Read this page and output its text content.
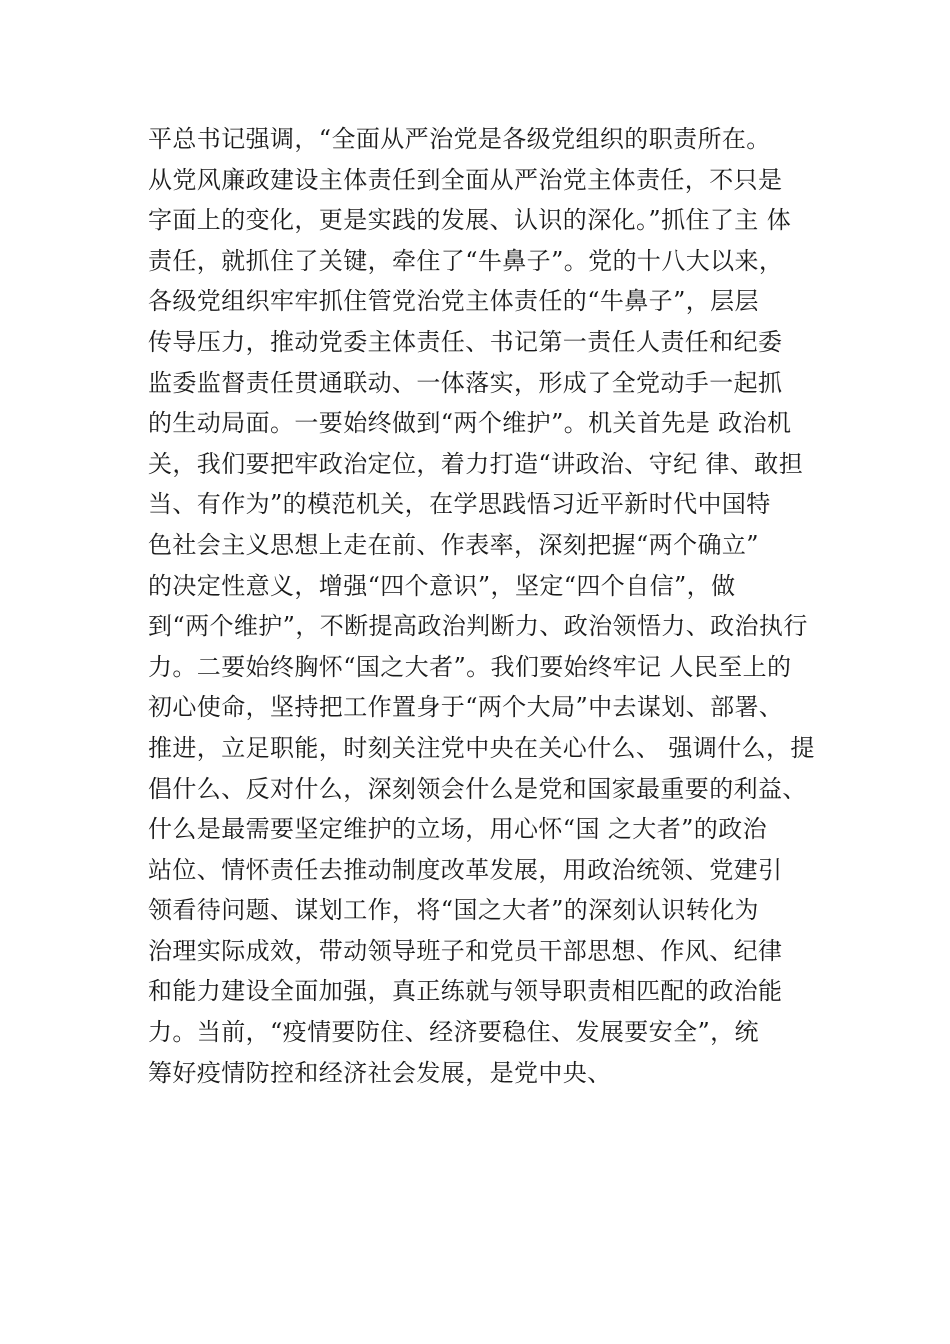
平总书记强调，“全面从严治党是各级党组织的职责所在。
从党风廉政建设主体责任到全面从严治党主体责任，不只是
字面上的变化，更是实践的发展、认识的深化。”抓住了主 体
责任，就抓住了关键，牵住了“牛鼻子”。党的十八大以来，
各级党组织牢牢抓住管党治党主体责任的“牛鼻子”，层层
传导压力，推动党委主体责任、书记第一责任人责任和纪委
监委监督责任贯通联动、一体落实，形成了全党动手一起抓
的生动局面。一要始终做到“两个维护”。机关首先是 政治机
关，我们要把牢政治定位，着力打造“讲政治、守纪 律、敢担
当、有作为”的模范机关，在学思践悟习近平新时代中国特
色社会主义思想上走在前、作表率，深刻把握“两个确立”
的决定性意义，增强“四个意识”，坚定“四个自信”，做
到“两个维护”，不断提高政治判断力、政治领悟力、政治执行
力。二要始终胸怀“国之大者”。我们要始终牢记 人民至上的
初心使命，坚持把工作置身于“两个大局”中去谋划、部署、
推进，立足职能，时刻关注党中央在关心什么、 强调什么，提
倡什么、反对什么，深刻领会什么是党和国家最重要的利益、
什么是最需要坚定维护的立场，用心怀“国 之大者”的政治
站位、情怀责任去推动制度改革发展，用政治统领、党建引
领看待问题、谋划工作，将“国之大者”的深刻认识转化为
治理实际成效，带动领导班子和党员干部思想、作风、纪律
和能力建设全面加强，真正练就与领导职责相匹配的政治能
力。当前，“疫情要防住、经济要稳住、发展要安全”，统
筹好疫情防控和经济社会发展，是党中央、
